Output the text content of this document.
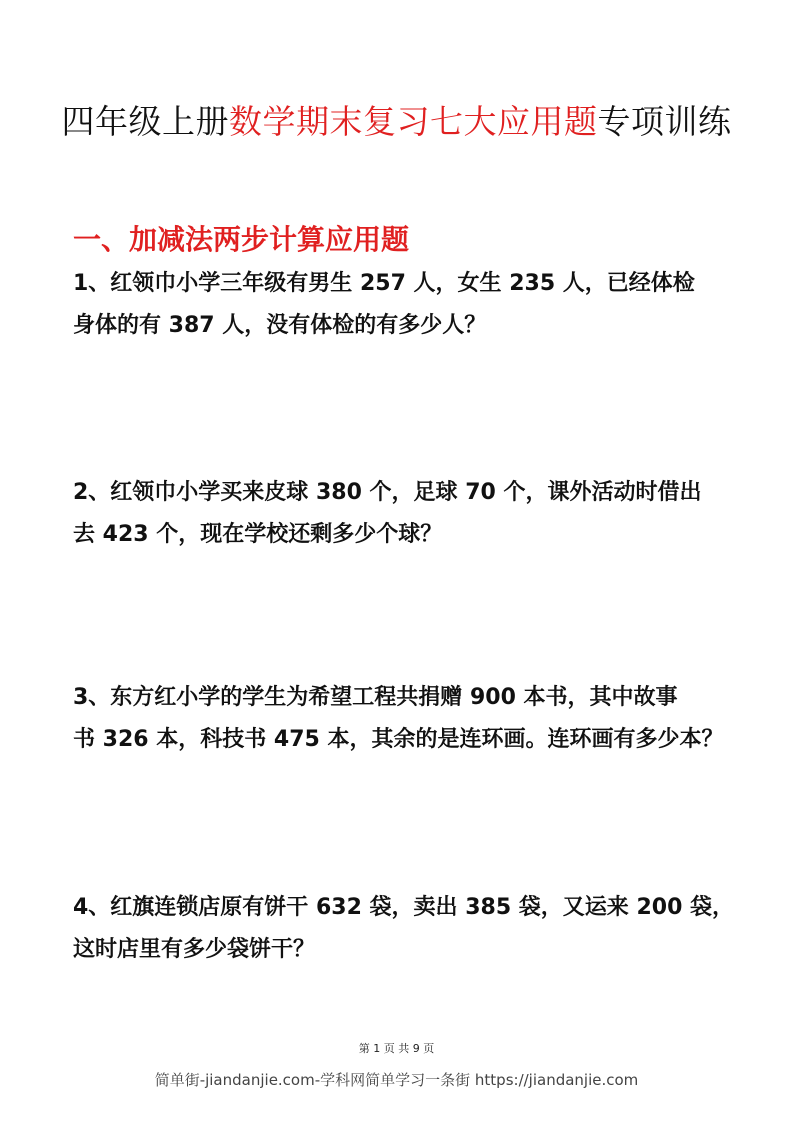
四年级上册数学期末复习七大应用题专项训练
一、加减法两步计算应用题
1、红领巾小学三年级有男生 257 人，女生 235 人，已经体检
身体的有 387 人，没有体检的有多少人？
2、红领巾小学买来皮球 380 个，足球 70 个，课外活动时借出
去 423 个，现在学校还剩多少个球？
3、东方红小学的学生为希望工程共捐赠 900 本书，其中故事
书 326 本，科技书 475 本，其余的是连环画。连环画有多少本？
4、红旗连锁店原有饼干 632 袋，卖出 385 袋，又运来 200 袋，
这时店里有多少袋饼干？
第 1 页 共 9 页
简单街-jiandanjie.com-学科网简单学习一条街 https://jiandanjie.com
